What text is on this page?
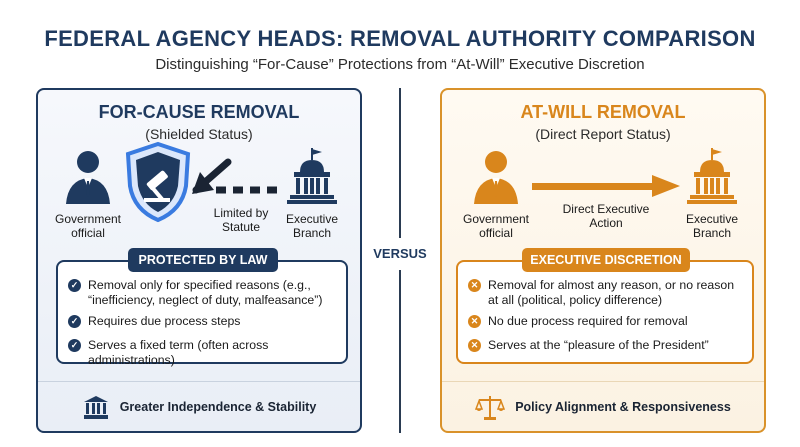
FEDERAL AGENCY HEADS: REMOVAL AUTHORITY COMPARISON
Distinguishing “For-Cause” Protections from “At-Will” Executive Discretion
VERSUS
FOR-CAUSE REMOVAL
(Shielded Status)
Government
official
Limited by
Statute
Executive
Branch
✓ Removal only for specified reasons (e.g., “inefficiency, neglect of duty, malfeasance”)
✓ Requires due process steps
✓ Serves a fixed term (often across administrations)
PROTECTED BY LAW
Greater Independence & Stability
AT-WILL REMOVAL
(Direct Report Status)
Government
official
Direct Executive
Action	Executive
Branch
✕ Removal for almost any reason, or no reason at all (political, policy difference)
✕ No due process required for removal
✕ Serves at the “pleasure of the President”
EXECUTIVE DISCRETION
Policy Alignment & Responsiveness
